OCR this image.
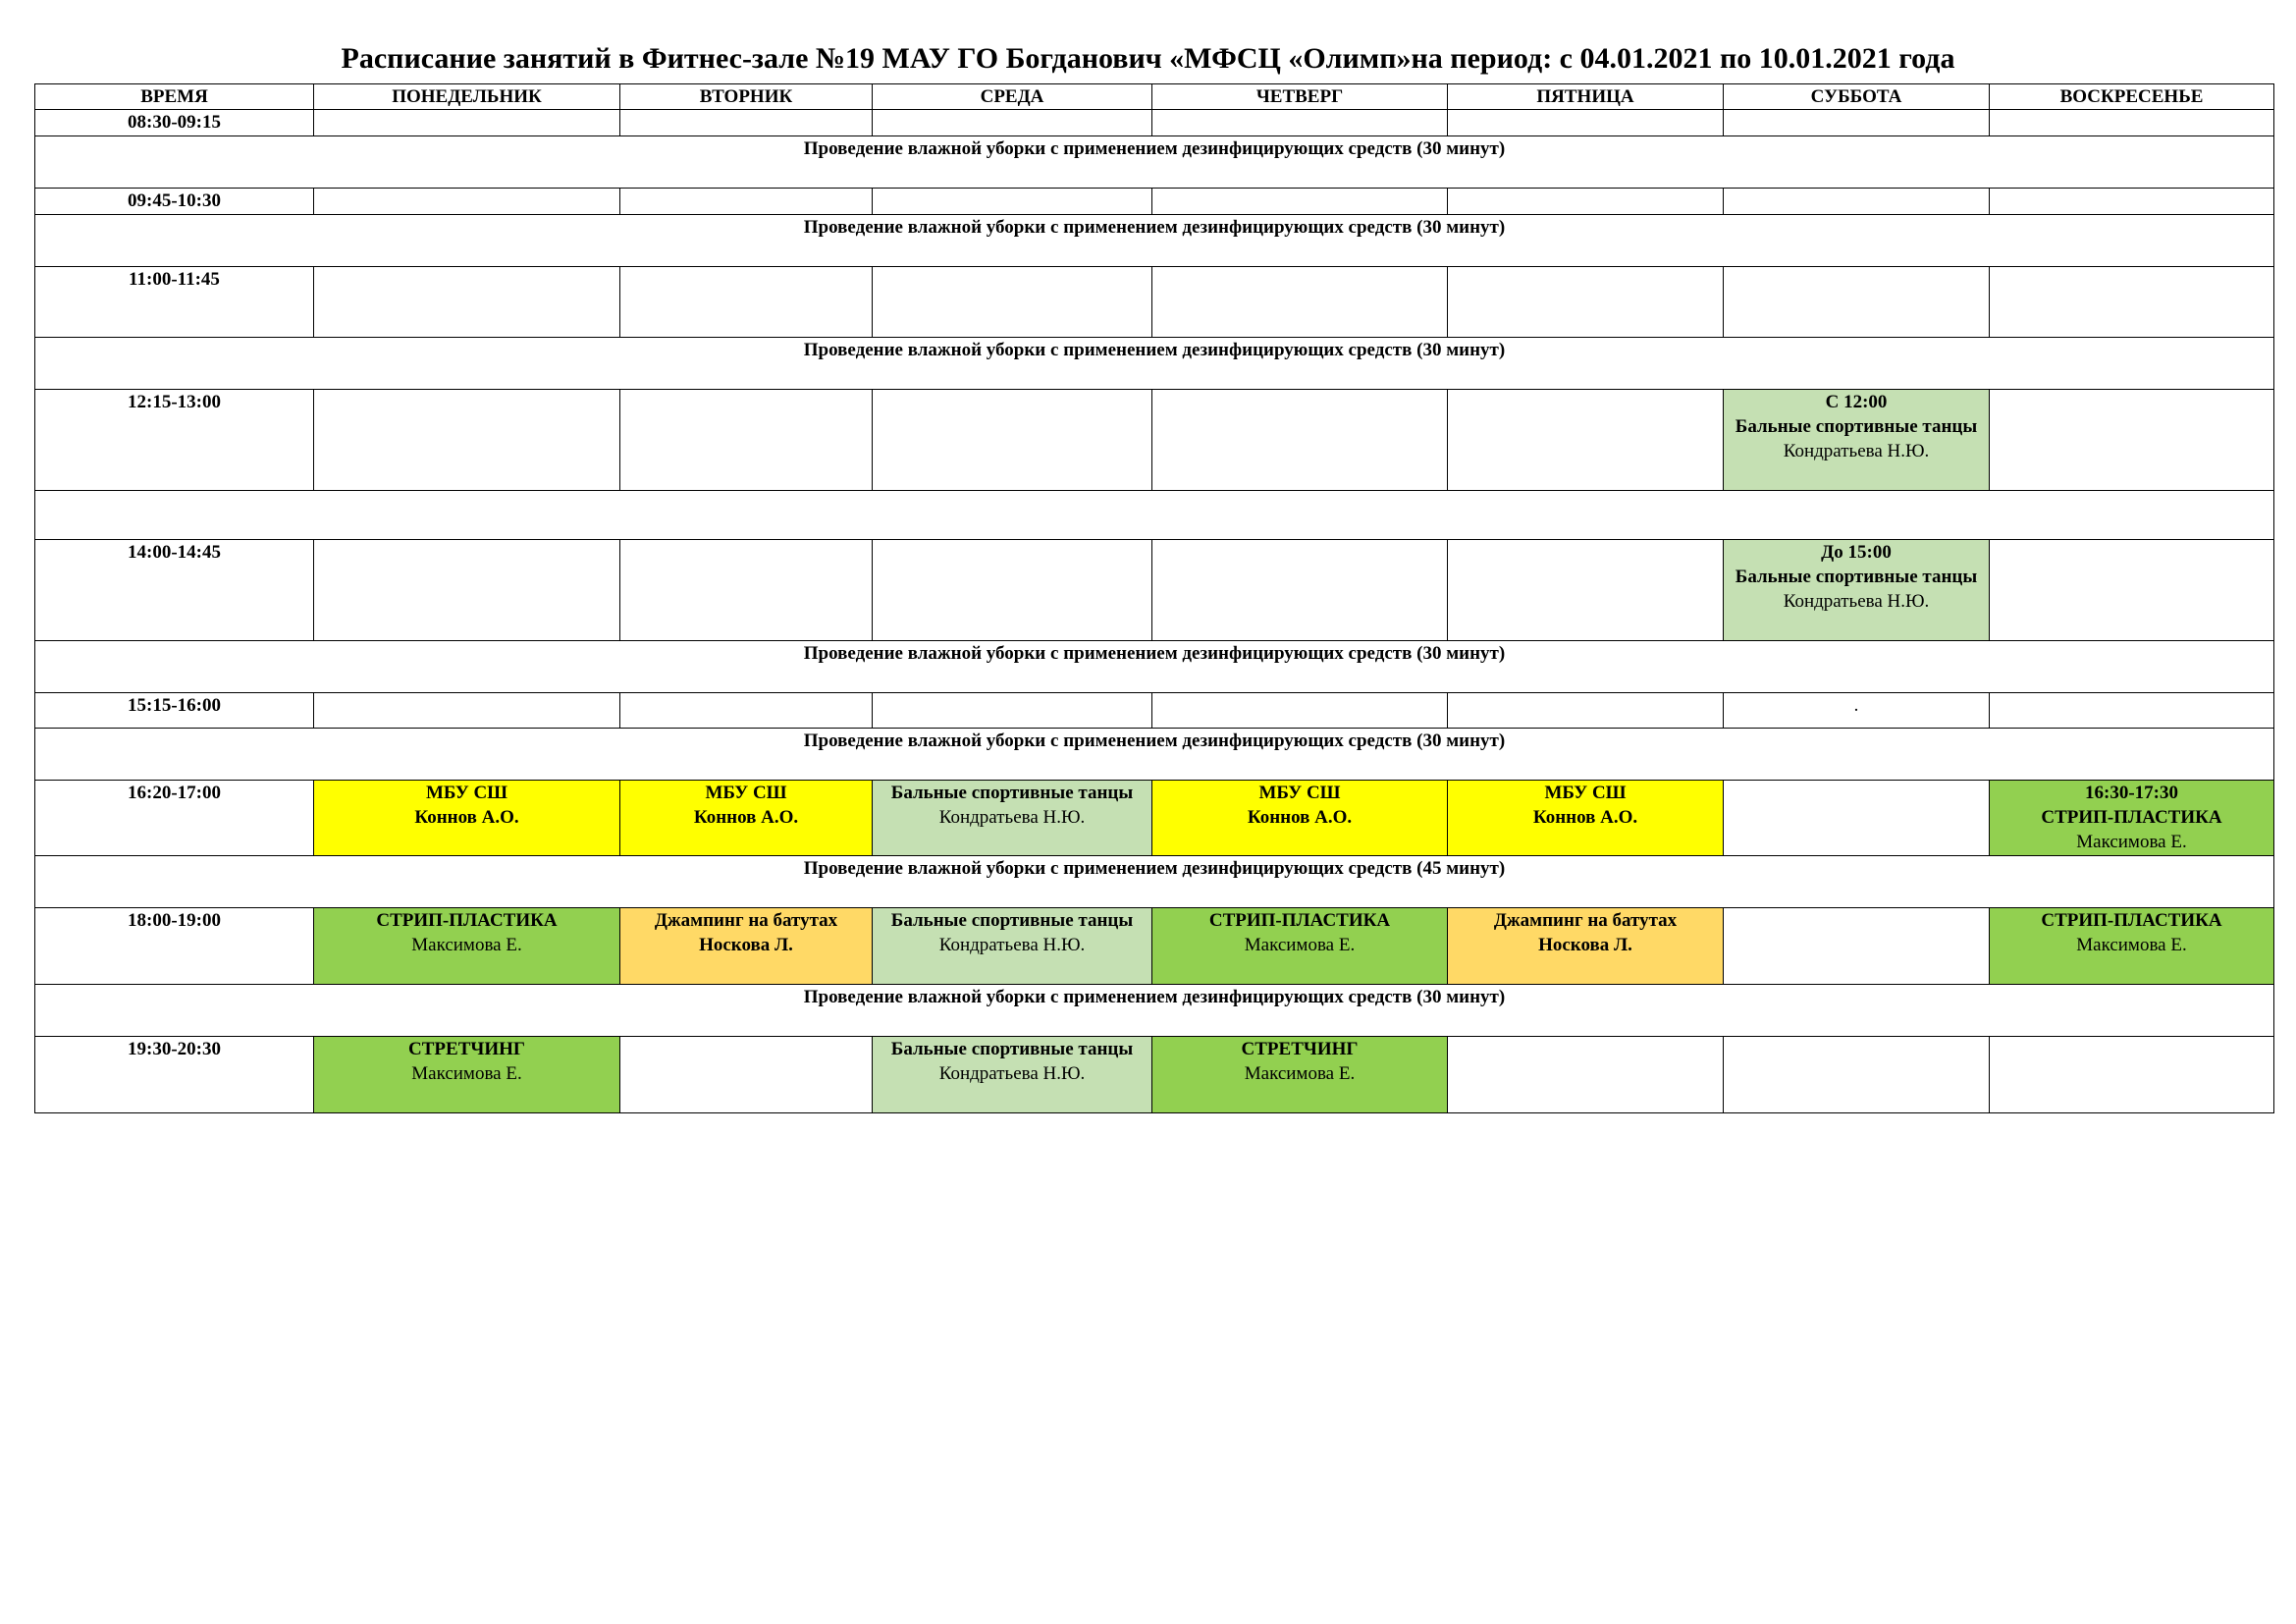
Расписание занятий в Фитнес-зале №19 МАУ ГО Богданович «МФСЦ «Олимп»на период: с 04.01.2021 по 10.01.2021 года
ВРЕМЯ	ПОНЕДЕЛЬНИК	ВТОРНИК	СРЕДА	ЧЕТВЕРГ	ПЯТНИЦА	СУББОТА	ВОСКРЕСЕНЬЕ
08:30-09:15							
Проведение влажной уборки с применением дезинфицирующих средств (30 минут)							
09:45-10:30							
Проведение влажной уборки с применением дезинфицирующих средств (30 минут)							
11:00-11:45							
Проведение влажной уборки с применением дезинфицирующих средств (30 минут)							
12:15-13:00						С 12:00
Бальные спортивные танцы
Кондратьева Н.Ю.	

14:00-14:45						До 15:00
Бальные спортивные танцы
Кондратьева Н.Ю.	

Проведение влажной уборки с применением дезинфицирующих средств (30 минут)							
15:15-16:00						.	
Проведение влажной уборки с применением дезинфицирующих средств (30 минут)							
16:20-17:00	МБУ СШ
Коннов А.О.	МБУ СШ
Коннов А.О.	Бальные спортивные танцы
Кондратьева Н.Ю.	МБУ СШ
Коннов А.О.	МБУ СШ
Коннов А.О.		16:30-17:30
СТРИП-ПЛАСТИКА
Максимова Е.

Проведение влажной уборки с применением дезинфицирующих средств (45 минут)							
18:00-19:00	СТРИП-ПЛАСТИКА
Максимова Е.	Джампинг на батутах
Носкова Л.	Бальные спортивные танцы
Кондратьева Н.Ю.	СТРИП-ПЛАСТИКА
Максимова Е.	Джампинг на батутах
Носкова Л.		СТРИП-ПЛАСТИКА
Максимова Е.

Проведение влажной уборки с применением дезинфицирующих средств (30 минут)							
19:30-20:30	СТРЕТЧИНГ
Максимова Е.		Бальные спортивные танцы
Кондратьева Н.Ю.	СТРЕТЧИНГ
Максимова Е.			
